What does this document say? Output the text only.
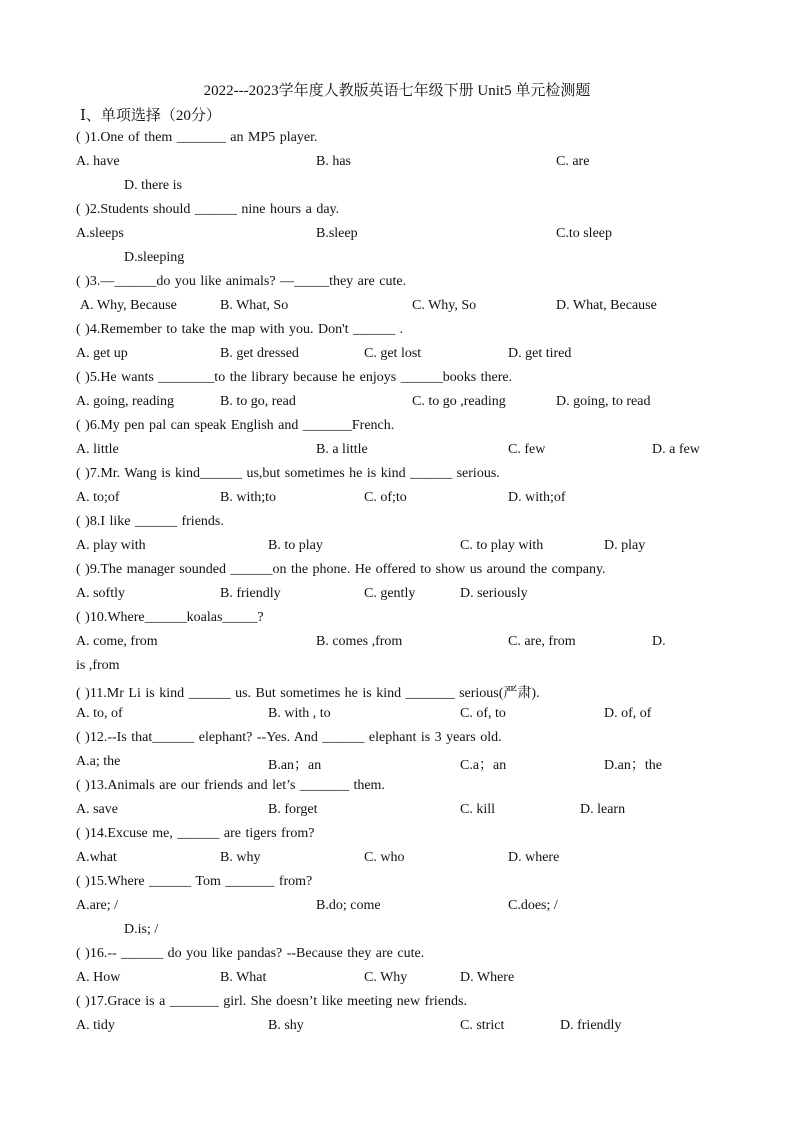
2022---2023学年度人教版英语七年级下册 Unit5 单元检测题
Ⅰ、单项选择（20分）
( )1.One of them _______ an MP5 player.
A. have	B. has	C. are
D. there is
( )2.Students should ______ nine hours a day.
A.sleeps	B.sleep	C.to sleep
D.sleeping
( )3.—______do you like animals? —_____they are cute.
A. Why, Because	B. What, So	C. Why, So	D. What, Because
( )4.Remember to take the map with you. Don't ______ .
A. get up	B. get dressed	C. get lost	D. get tired
( )5.He wants ________to the library because he enjoys ______books there.
A. going, reading	B. to go, read	C. to go ,reading	D. going, to read
( )6.My pen pal can speak English and _______French.
A. little	B. a little	C. few	D. a few
( )7.Mr. Wang is kind______ us,but sometimes he is kind ______ serious.
A. to;of	B. with;to	C. of;to	D. with;of
( )8.I like ______ friends.
A. play with	B. to play	C. to play with	D. play
( )9.The manager sounded ______on the phone. He offered to show us around the company.
A. softly	B. friendly	C. gently	D. seriously
( )10.Where______koalas_____?
A. come, from	B. comes ,from	C. are, from	D.
is ,from
( )11.Mr Li is kind ______ us. But sometimes he is kind _______ serious(严肃).
A. to, of	B. with , to	C. of, to	D. of, of
( )12.--Is that______ elephant? --Yes. And ______ elephant is 3 years old.
A.a; the	B.an；an	C.a；an	D.an；the
( )13.Animals are our friends and let’s _______ them.
A. save	B. forget	C. kill	D. learn
( )14.Excuse me, ______ are tigers from?
A.what	B. why	C. who	D. where
( )15.Where ______ Tom _______ from?
A.are; /	B.do; come	C.does; /
D.is; /
( )16.-- ______ do you like pandas? --Because they are cute.
A. How	B. What	C. Why	D. Where
( )17.Grace is a _______ girl. She doesn’t like meeting new friends.
A. tidy	B. shy	C. strict	D. friendly
